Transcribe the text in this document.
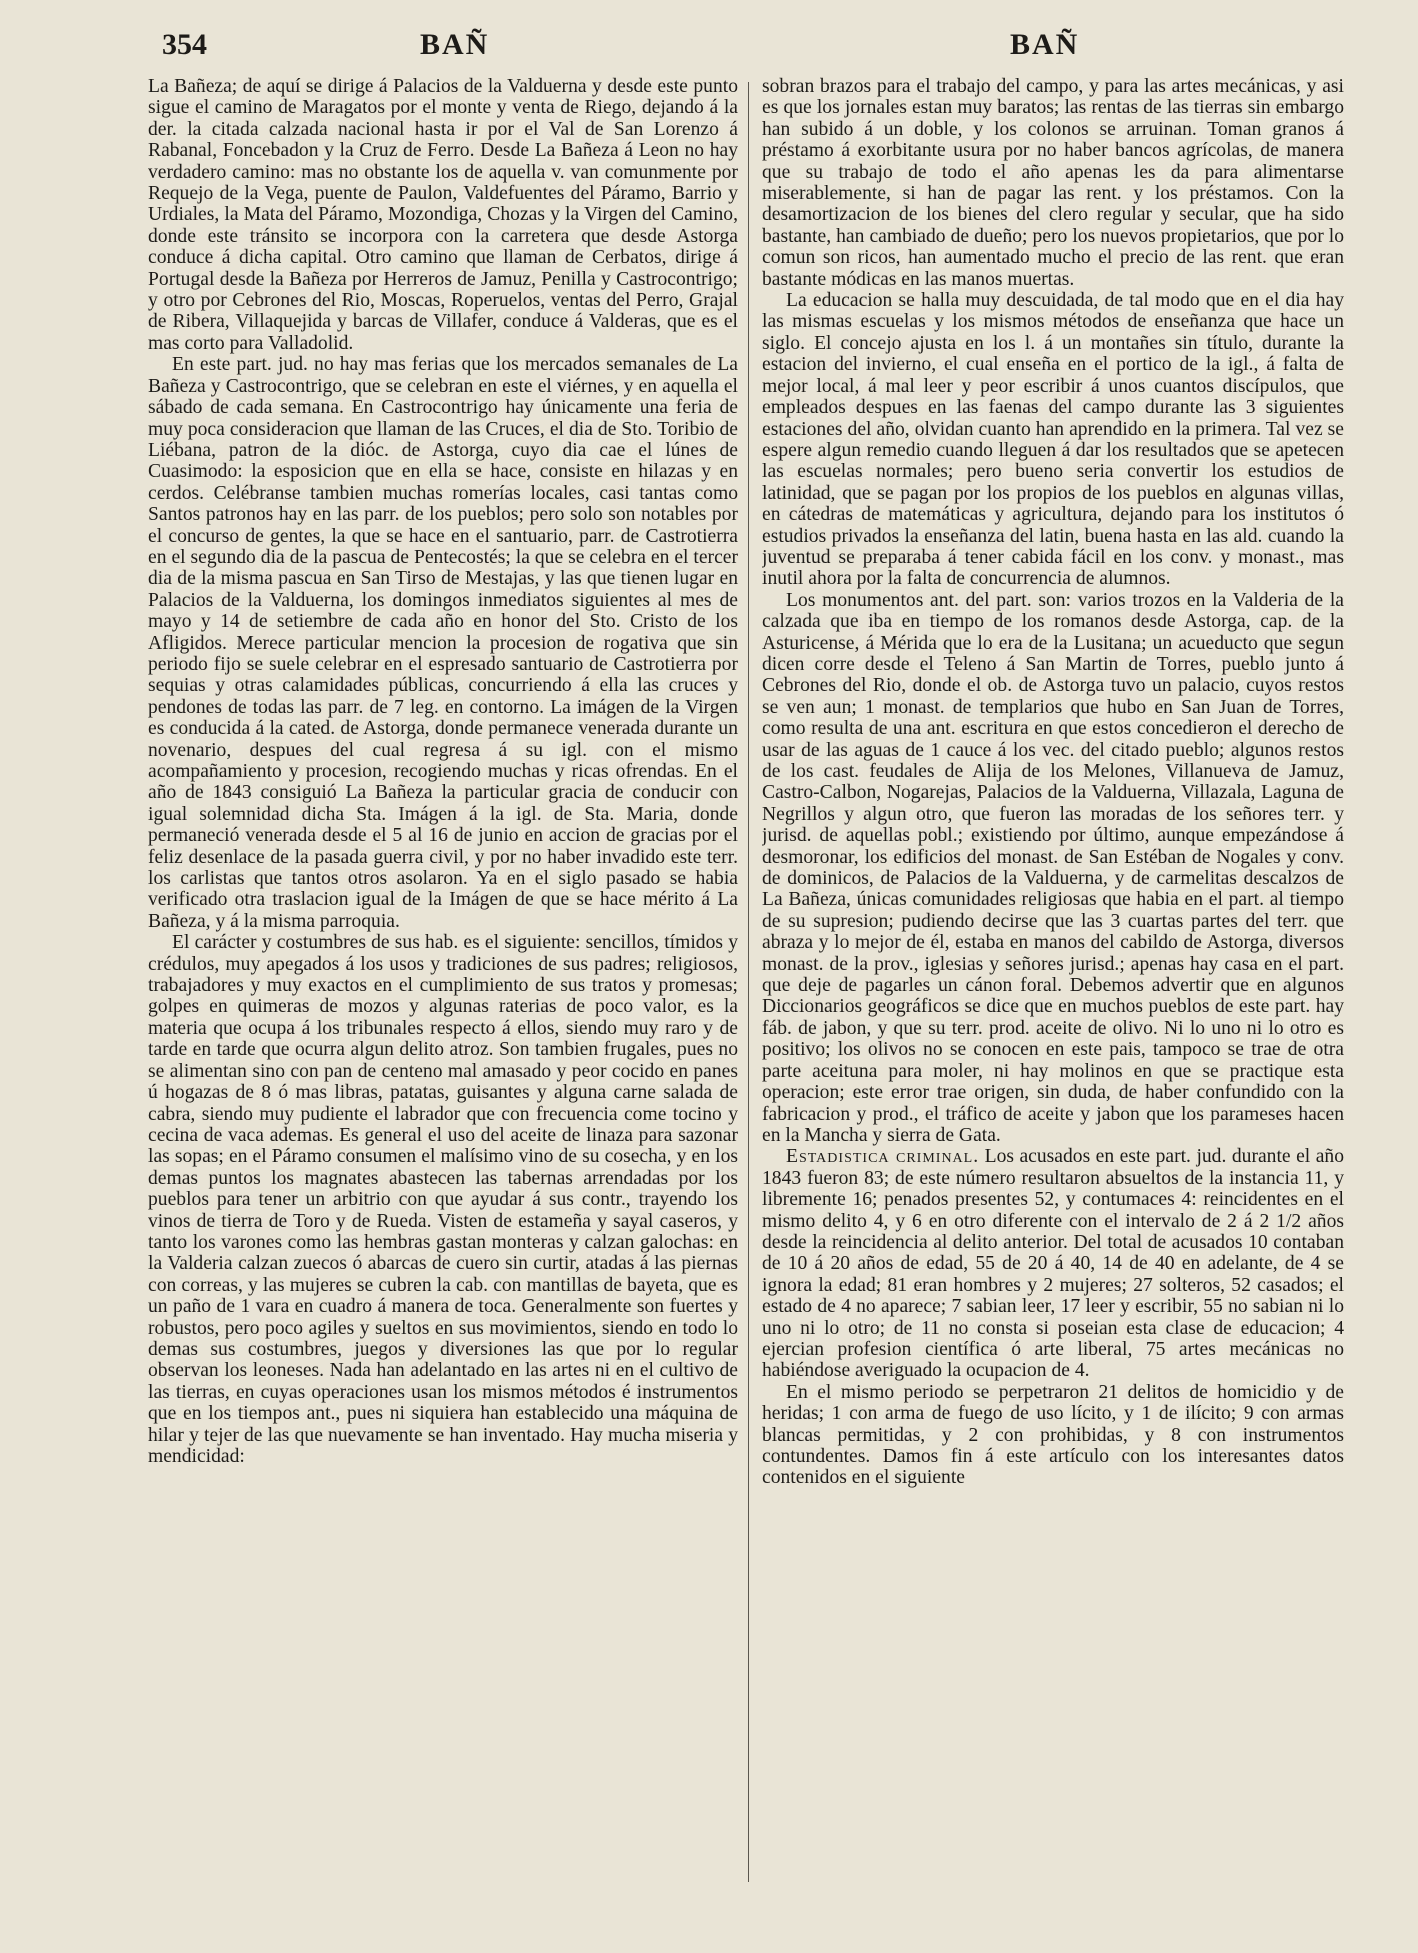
354	BAÑ	BAÑ

La Bañeza; de aquí se dirige á Palacios de la Valduerna y desde este punto sigue el camino de Maragatos por el monte y venta de Riego, dejando á la der. la citada calzada nacional hasta ir por el Val de San Lorenzo á Rabanal, Foncebadon y la Cruz de Ferro. Desde La Bañeza á Leon no hay verdadero camino: mas no obstante los de aquella v. van comunmente por Requejo de la Vega, puente de Paulon, Valdefuentes del Páramo, Barrio y Urdiales, la Mata del Páramo, Mozondiga, Chozas y la Virgen del Camino, donde este tránsito se incorpora con la carretera que desde Astorga conduce á dicha capital. Otro camino que llaman de Cerbatos, dirige á Portugal desde la Bañeza por Herreros de Jamuz, Penilla y Castrocontrigo; y otro por Cebrones del Rio, Moscas, Roperuelos, ventas del Perro, Grajal de Ribera, Villaquejida y barcas de Villafer, conduce á Valderas, que es el mas corto para Valladolid.

En este part. jud. no hay mas ferias que los mercados semanales de La Bañeza y Castrocontrigo, que se celebran en este el viérnes, y en aquella el sábado de cada semana. En Castrocontrigo hay únicamente una feria de muy poca consideracion que llaman de las Cruces, el dia de Sto. Toribio de Liébana, patron de la dióc. de Astorga, cuyo dia cae el lúnes de Cuasimodo: la esposicion que en ella se hace, consiste en hilazas y en cerdos. Celébranse tambien muchas romerías locales, casi tantas como Santos patronos hay en las parr. de los pueblos; pero solo son notables por el concurso de gentes, la que se hace en el santuario, parr. de Castrotierra en el segundo dia de la pascua de Pentecostés; la que se celebra en el tercer dia de la misma pascua en San Tirso de Mestajas, y las que tienen lugar en Palacios de la Valduerna, los domingos inmediatos siguientes al mes de mayo y 14 de setiembre de cada año en honor del Sto. Cristo de los Afligidos. Merece particular mencion la procesion de rogativa que sin periodo fijo se suele celebrar en el espresado santuario de Castrotierra por sequias y otras calamidades públicas, concurriendo á ella las cruces y pendones de todas las parr. de 7 leg. en contorno. La imágen de la Virgen es conducida á la cated. de Astorga, donde permanece venerada durante un novenario, despues del cual regresa á su igl. con el mismo acompañamiento y procesion, recogiendo muchas y ricas ofrendas. En el año de 1843 consiguió La Bañeza la particular gracia de conducir con igual solemnidad dicha Sta. Imágen á la igl. de Sta. Maria, donde permaneció venerada desde el 5 al 16 de junio en accion de gracias por el feliz desenlace de la pasada guerra civil, y por no haber invadido este terr. los carlistas que tantos otros asolaron. Ya en el siglo pasado se habia verificado otra traslacion igual de la Imágen de que se hace mérito á La Bañeza, y á la misma parroquia.

El carácter y costumbres de sus hab. es el siguiente: sencillos, tímidos y crédulos, muy apegados á los usos y tradiciones de sus padres; religiosos, trabajadores y muy exactos en el cumplimiento de sus tratos y promesas; golpes en quimeras de mozos y algunas raterias de poco valor, es la materia que ocupa á los tribunales respecto á ellos, siendo muy raro y de tarde en tarde que ocurra algun delito atroz. Son tambien frugales, pues no se alimentan sino con pan de centeno mal amasado y peor cocido en panes ú hogazas de 8 ó mas libras, patatas, guisantes y alguna carne salada de cabra, siendo muy pudiente el labrador que con frecuencia come tocino y cecina de vaca ademas. Es general el uso del aceite de linaza para sazonar las sopas; en el Páramo consumen el malísimo vino de su cosecha, y en los demas puntos los magnates abastecen las tabernas arrendadas por los pueblos para tener un arbitrio con que ayudar á sus contr., trayendo los vinos de tierra de Toro y de Rueda. Visten de estameña y sayal caseros, y tanto los varones como las hembras gastan monteras y calzan galochas: en la Valderia calzan zuecos ó abarcas de cuero sin curtir, atadas á las piernas con correas, y las mujeres se cubren la cab. con mantillas de bayeta, que es un paño de 1 vara en cuadro á manera de toca. Generalmente son fuertes y robustos, pero poco agiles y sueltos en sus movimientos, siendo en todo lo demas sus costumbres, juegos y diversiones las que por lo regular observan los leoneses. Nada han adelantado en las artes ni en el cultivo de las tierras, en cuyas operaciones usan los mismos métodos é instrumentos que en los tiempos ant., pues ni siquiera han establecido una máquina de hilar y tejer de las que nuevamente se han inventado. Hay mucha miseria y mendicidad:

sobran brazos para el trabajo del campo, y para las artes mecánicas, y asi es que los jornales estan muy baratos; las rentas de las tierras sin embargo han subido á un doble, y los colonos se arruinan. Toman granos á préstamo á exorbitante usura por no haber bancos agrícolas, de manera que su trabajo de todo el año apenas les da para alimentarse miserablemente, si han de pagar las rent. y los préstamos. Con la desamortizacion de los bienes del clero regular y secular, que ha sido bastante, han cambiado de dueño; pero los nuevos propietarios, que por lo comun son ricos, han aumentado mucho el precio de las rent. que eran bastante módicas en las manos muertas.

La educacion se halla muy descuidada, de tal modo que en el dia hay las mismas escuelas y los mismos métodos de enseñanza que hace un siglo. El concejo ajusta en los l. á un montañes sin título, durante la estacion del invierno, el cual enseña en el portico de la igl., á falta de mejor local, á mal leer y peor escribir á unos cuantos discípulos, que empleados despues en las faenas del campo durante las 3 siguientes estaciones del año, olvidan cuanto han aprendido en la primera. Tal vez se espere algun remedio cuando lleguen á dar los resultados que se apetecen las escuelas normales; pero bueno seria convertir los estudios de latinidad, que se pagan por los propios de los pueblos en algunas villas, en cátedras de matemáticas y agricultura, dejando para los institutos ó estudios privados la enseñanza del latin, buena hasta en las ald. cuando la juventud se preparaba á tener cabida fácil en los conv. y monast., mas inutil ahora por la falta de concurrencia de alumnos.

Los monumentos ant. del part. son: varios trozos en la Valderia de la calzada que iba en tiempo de los romanos desde Astorga, cap. de la Asturicense, á Mérida que lo era de la Lusitana; un acueducto que segun dicen corre desde el Teleno á San Martin de Torres, pueblo junto á Cebrones del Rio, donde el ob. de Astorga tuvo un palacio, cuyos restos se ven aun; 1 monast. de templarios que hubo en San Juan de Torres, como resulta de una ant. escritura en que estos concedieron el derecho de usar de las aguas de 1 cauce á los vec. del citado pueblo; algunos restos de los cast. feudales de Alija de los Melones, Villanueva de Jamuz, Castro-Calbon, Nogarejas, Palacios de la Valduerna, Villazala, Laguna de Negrillos y algun otro, que fueron las moradas de los señores terr. y jurisd. de aquellas pobl.; existiendo por último, aunque empezándose á desmoronar, los edificios del monast. de San Estéban de Nogales y conv. de dominicos, de Palacios de la Valduerna, y de carmelitas descalzos de La Bañeza, únicas comunidades religiosas que habia en el part. al tiempo de su supresion; pudiendo decirse que las 3 cuartas partes del terr. que abraza y lo mejor de él, estaba en manos del cabildo de Astorga, diversos monast. de la prov., iglesias y señores jurisd.; apenas hay casa en el part. que deje de pagarles un cánon foral. Debemos advertir que en algunos Diccionarios geográficos se dice que en muchos pueblos de este part. hay fáb. de jabon, y que su terr. prod. aceite de olivo. Ni lo uno ni lo otro es positivo; los olivos no se conocen en este pais, tampoco se trae de otra parte aceituna para moler, ni hay molinos en que se practique esta operacion; este error trae origen, sin duda, de haber confundido con la fabricacion y prod., el tráfico de aceite y jabon que los parameses hacen en la Mancha y sierra de Gata.

Estadistica criminal. Los acusados en este part. jud. durante el año 1843 fueron 83; de este número resultaron absueltos de la instancia 11, y libremente 16; penados presentes 52, y contumaces 4: reincidentes en el mismo delito 4, y 6 en otro diferente con el intervalo de 2 á 2 1/2 años desde la reincidencia al delito anterior. Del total de acusados 10 contaban de 10 á 20 años de edad, 55 de 20 á 40, 14 de 40 en adelante, de 4 se ignora la edad; 81 eran hombres y 2 mujeres; 27 solteros, 52 casados; el estado de 4 no aparece; 7 sabian leer, 17 leer y escribir, 55 no sabian ni lo uno ni lo otro; de 11 no consta si poseian esta clase de educacion; 4 ejercian profesion científica ó arte liberal, 75 artes mecánicas no habiéndose averiguado la ocupacion de 4.

En el mismo periodo se perpetraron 21 delitos de homicidio y de heridas; 1 con arma de fuego de uso lícito, y 1 de ilícito; 9 con armas blancas permitidas, y 2 con prohibidas, y 8 con instrumentos contundentes. Damos fin á este artículo con los interesantes datos contenidos en el siguiente
